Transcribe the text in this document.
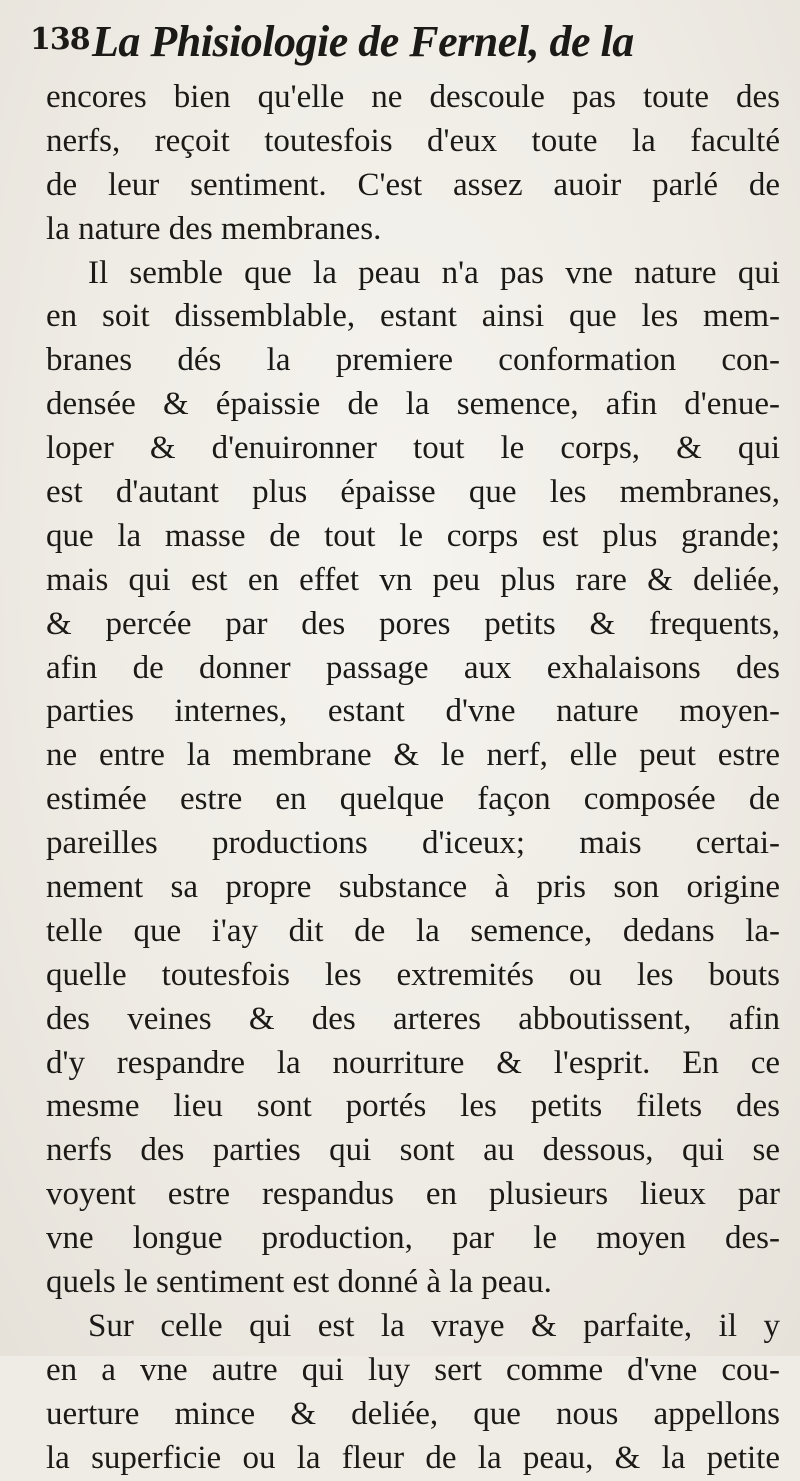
138 La Phisiologie de Fernel, de la
encores bien qu'elle ne descoule pas toute des
nerfs, reçoit toutesfois d'eux toute la faculté
de leur sentiment. C'est assez auoir parlé de
la nature des membranes.
Il semble que la peau n'a pas vne nature qui
en soit dissemblable, estant ainsi que les mem-
branes dés la premiere conformation con-
densée & épaissie de la semence, afin d'enue-
loper & d'enuironner tout le corps, & qui
est d'autant plus épaisse que les membranes,
que la masse de tout le corps est plus grande;
mais qui est en effet vn peu plus rare & deliée,
& percée par des pores petits & frequents,
afin de donner passage aux exhalaisons des
parties internes, estant d'vne nature moyen-
ne entre la membrane & le nerf, elle peut estre
estimée estre en quelque façon composée de
pareilles productions d'iceux; mais certai-
nement sa propre substance à pris son origine
telle que i'ay dit de la semence, dedans la-
quelle toutesfois les extremités ou les bouts
des veines & des arteres abboutissent, afin
d'y respandre la nourriture & l'esprit. En ce
mesme lieu sont portés les petits filets des
nerfs des parties qui sont au dessous, qui se
voyent estre respandus en plusieurs lieux par
vne longue production, par le moyen des-
quels le sentiment est donné à la peau.
Sur celle qui est la vraye & parfaite, il y
en a vne autre qui luy sert comme d'vne cou-
uerture mince & deliée, que nous appellons
la superficie ou la fleur de la peau, & la petite
